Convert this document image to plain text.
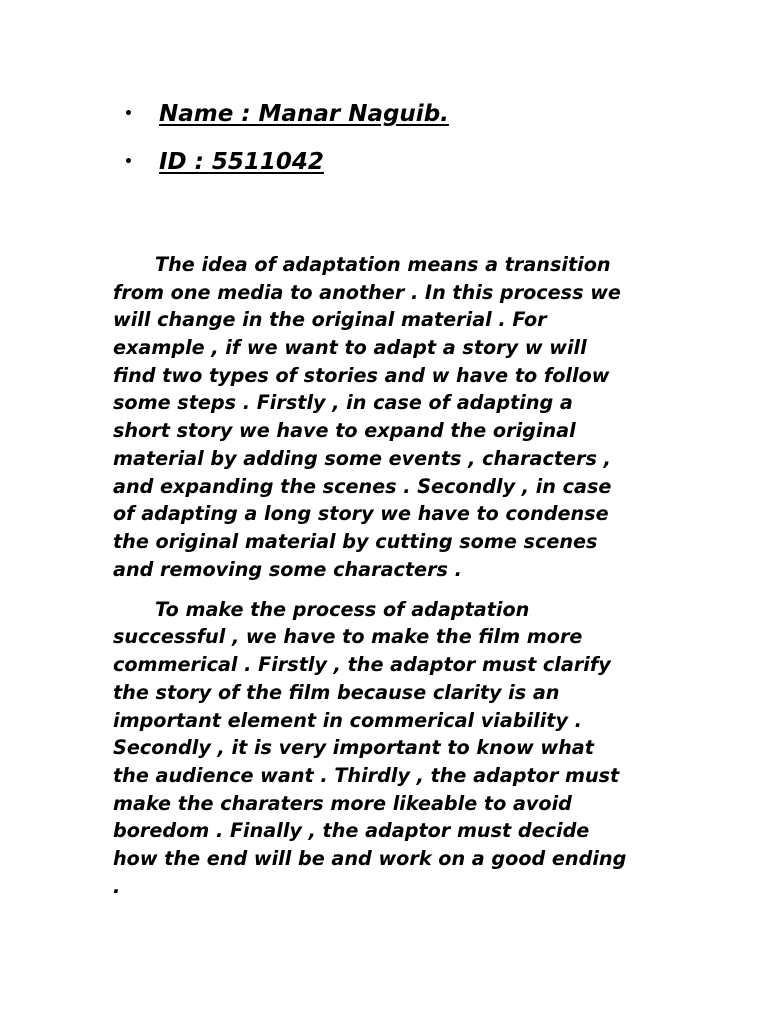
•	Name : Manar Naguib.
•	ID : 5511042

The idea of adaptation means a transition
from one media to another . In this process we
will change in the original material . For
example , if we want to adapt a story w will
find two types of stories and w have to follow
some steps . Firstly , in case of adapting a
short story we have to expand the original
material by adding some events , characters ,
and expanding the scenes . Secondly , in case
of adapting a long story we have to condense
the original material by cutting some scenes
and removing some characters .

To make the process of adaptation
successful , we have to make the film more
commerical . Firstly , the adaptor must clarify
the story of the film because clarity is an
important element in commerical viability .
Secondly , it is very important to know what
the audience want . Thirdly , the adaptor must
make the charaters more likeable to avoid
boredom . Finally , the adaptor must decide
how the end will be and work on a good ending
.
